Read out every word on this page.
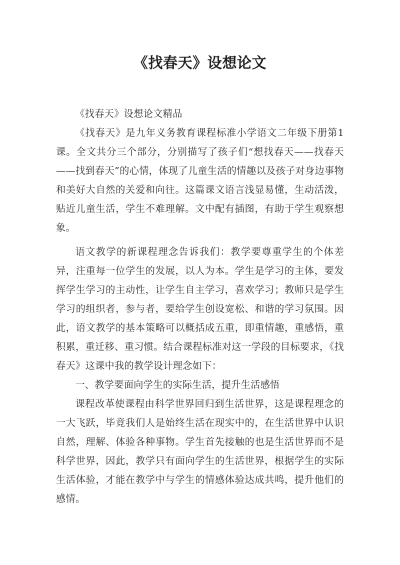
《找春天》设想论文

《找春天》设想论文精品

《找春天》是九年义务教育课程标准小学语文二年级下册第1课。全文共分三个部分，分别描写了孩子们“想找春天——找春天——找到春天”的心情，体现了儿童生活的情趣以及孩子对身边事物和美好大自然的关爱和向往。这篇课文语言浅显易懂，生动活泼，贴近儿童生活，学生不难理解。文中配有插图，有助于学生观察想象。

语文教学的新课程理念告诉我们：教学要尊重学生的个体差异，注重每一位学生的发展，以人为本。学生是学习的主体，要发挥学生学习的主动性，让学生自主学习，喜欢学习；教师只是学生学习的组织者，参与者，要给学生创设宽松、和谐的学习氛围。因此，语文教学的基本策略可以概括成五重，即重情趣，重感悟，重积累，重迁移、重习惯。结合课程标准对这一学段的目标要求，《找春天》这课中我的教学设计理念如下：

一、教学要面向学生的实际生活，提升生活感悟

课程改革使课程由科学世界回归到生活世界，这是课程理念的一大飞跃，毕竟我们人是始终生活在现实中的，在生活世界中认识自然，理解、体验各种事物。学生首先接触的也是生活世界而不是科学世界，因此，教学只有面向学生的生活世界，根据学生的实际生活体验，才能在教学中与学生的情感体验达成共鸣，提升他们的感情。
